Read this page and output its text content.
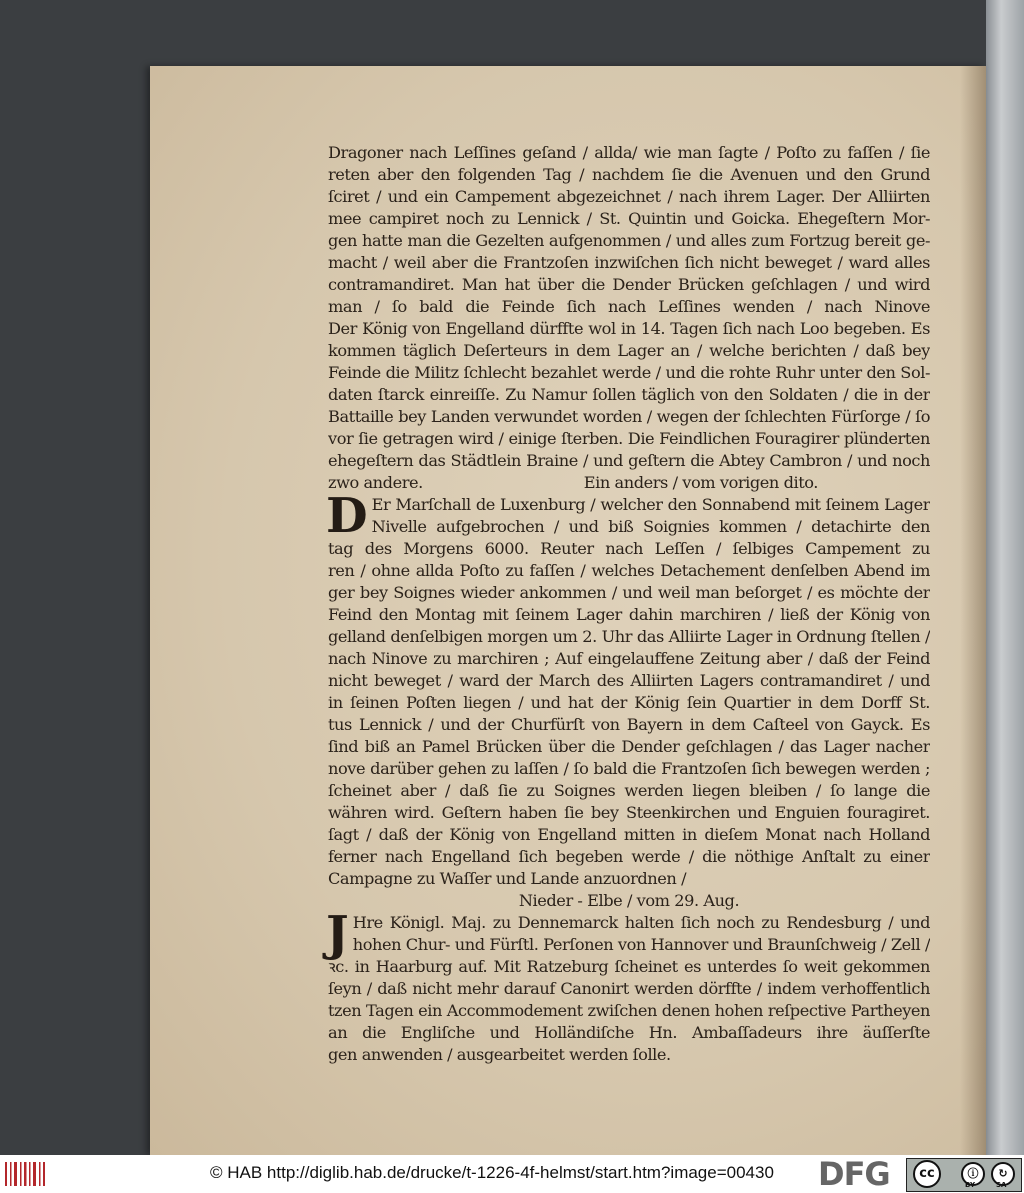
Dragoner nach Leſſines geſand / allda/ wie man ſagte / Poſto zu faſſen / ſie
reten aber den folgenden Tag / nachdem ſie die Avenuen und den Grund
ſciret / und ein Campement abgezeichnet / nach ihrem Lager. Der Alliirten
mee campiret noch zu Lennick / St. Quintin und Goicka. Ehegeſtern Mor-
gen hatte man die Gezelten aufgenommen / und alles zum Fortzug bereit ge-
macht / weil aber die Frantzoſen inzwiſchen ſich nicht beweget / ward alles
contramandiret. Man hat über die Dender Brücken geſchlagen / und wird
man / ſo bald die Feinde ſich nach Leſſines wenden / nach Ninove
Der König von Engelland dürffte wol in 14. Tagen ſich nach Loo begeben. Es
kommen täglich Deſerteurs in dem Lager an / welche berichten / daß bey
Feinde die Militz ſchlecht bezahlet werde / und die rohte Ruhr unter den Sol-
daten ſtarck einreiſſe. Zu Namur ſollen täglich von den Soldaten / die in der
Battaille bey Landen verwundet worden / wegen der ſchlechten Fürſorge / ſo
vor ſie getragen wird / einige ſterben. Die Feindlichen Fouragirer plünderten
ehegeſtern das Städtlein Braine / und geſtern die Abtey Cambron / und noch
zwo andere.	Ein anders / vom vorigen dito.
D Er Marſchall de Luxenburg / welcher den Sonnabend mit ſeinem Lager
Nivelle aufgebrochen / und biß Soignies kommen / detachirte den
tag des Morgens 6000. Reuter nach Leſſen / ſelbiges Campement zu
ren / ohne allda Poſto zu faſſen / welches Detachement denſelben Abend im
ger bey Soignes wieder ankommen / und weil man beſorget / es möchte der
Feind den Montag mit ſeinem Lager dahin marchiren / ließ der König von
gelland denſelbigen morgen um 2. Uhr das Alliirte Lager in Ordnung ſtellen /
nach Ninove zu marchiren ; Auf eingelauffene Zeitung aber / daß der Feind
nicht beweget / ward der March des Alliirten Lagers contramandiret / und
in ſeinen Poſten liegen / und hat der König ſein Quartier in dem Dorff St.
tus Lennick / und der Churfürſt von Bayern in dem Caſteel von Gayck. Es
ſind biß an Pamel Brücken über die Dender geſchlagen / das Lager nacher
nove darüber gehen zu laſſen / ſo bald die Frantzoſen ſich bewegen werden ;
ſcheinet aber / daß ſie zu Soignes werden liegen bleiben / ſo lange die
währen wird. Geſtern haben ſie bey Steenkirchen und Enguien fouragiret.
ſagt / daß der König von Engelland mitten in dieſem Monat nach Holland
ferner nach Engelland ſich begeben werde / die nöthige Anſtalt zu einer
Campagne zu Waſſer und Lande anzuordnen /
Nieder - Elbe / vom 29. Aug.
J Hre Königl. Maj. zu Dennemarck halten ſich noch zu Rendesburg / und
hohen Chur- und Fürſtl. Perſonen von Hannover und Braunſchweig / Zell /
ꝛc. in Haarburg auf. Mit Ratzeburg ſcheinet es unterdes ſo weit gekommen
ſeyn / daß nicht mehr darauf Canonirt werden dörffte / indem verhoffentlich
tzen Tagen ein Accommodement zwiſchen denen hohen reſpective Partheyen
an die Engliſche und Holländiſche Hn. Ambaſſadeurs ihre äuſſerſte
gen anwenden / ausgearbeitet werden ſolle.
© HAB http://diglib.hab.de/drucke/t-1226-4f-helmst/start.htm?image=00430 DFG	cc	ⓘ	↻
BY	SA
